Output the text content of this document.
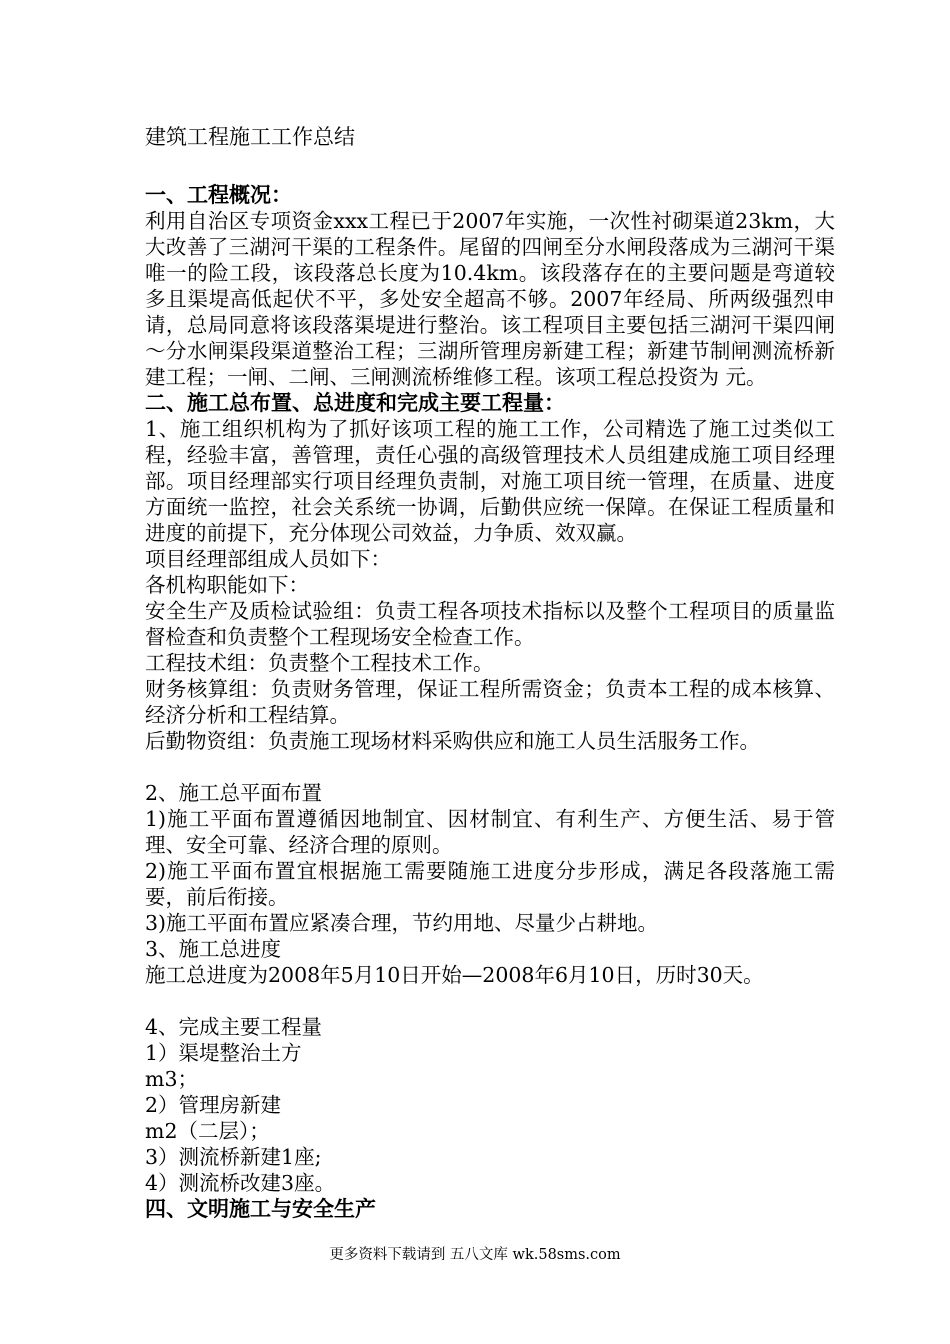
建筑工程施工工作总结

一、工程概况：

利用自治区专项资金xxx工程已于2007年实施，一次性衬砌渠道23km，大大改善了三湖河干渠的工程条件。尾留的四闸至分水闸段落成为三湖河干渠唯一的险工段，该段落总长度为10.4km。该段落存在的主要问题是弯道较多且渠堤高低起伏不平，多处安全超高不够。2007年经局、所两级强烈申请，总局同意将该段落渠堤进行整治。该工程项目主要包括三湖河干渠四闸～分水闸渠段渠道整治工程；三湖所管理房新建工程；新建节制闸测流桥新建工程；一闸、二闸、三闸测流桥维修工程。该项工程总投资为 元。

二、施工总布置、总进度和完成主要工程量：

1、施工组织机构为了抓好该项工程的施工工作，公司精选了施工过类似工程，经验丰富，善管理，责任心强的高级管理技术人员组建成施工项目经理部。项目经理部实行项目经理负责制，对施工项目统一管理，在质量、进度方面统一监控，社会关系统一协调，后勤供应统一保障。在保证工程质量和进度的前提下，充分体现公司效益，力争质、效双赢。

项目经理部组成人员如下：

各机构职能如下：

安全生产及质检试验组：负责工程各项技术指标以及整个工程项目的质量监督检查和负责整个工程现场安全检查工作。

工程技术组：负责整个工程技术工作。

财务核算组：负责财务管理，保证工程所需资金；负责本工程的成本核算、经济分析和工程结算。

后勤物资组：负责施工现场材料采购供应和施工人员生活服务工作。

2、施工总平面布置

1)施工平面布置遵循因地制宜、因材制宜、有利生产、方便生活、易于管理、安全可靠、经济合理的原则。

2)施工平面布置宜根据施工需要随施工进度分步形成，满足各段落施工需要，前后衔接。

3)施工平面布置应紧凑合理，节约用地、尽量少占耕地。

3、施工总进度

施工总进度为2008年5月10日开始—2008年6月10日，历时30天。

4、完成主要工程量

1）渠堤整治土方

m3；

2）管理房新建

m2（二层）；

3）测流桥新建1座;

4）测流桥改建3座。

四、文明施工与安全生产

更多资料下载请到 五八文库 wk.58sms.com
